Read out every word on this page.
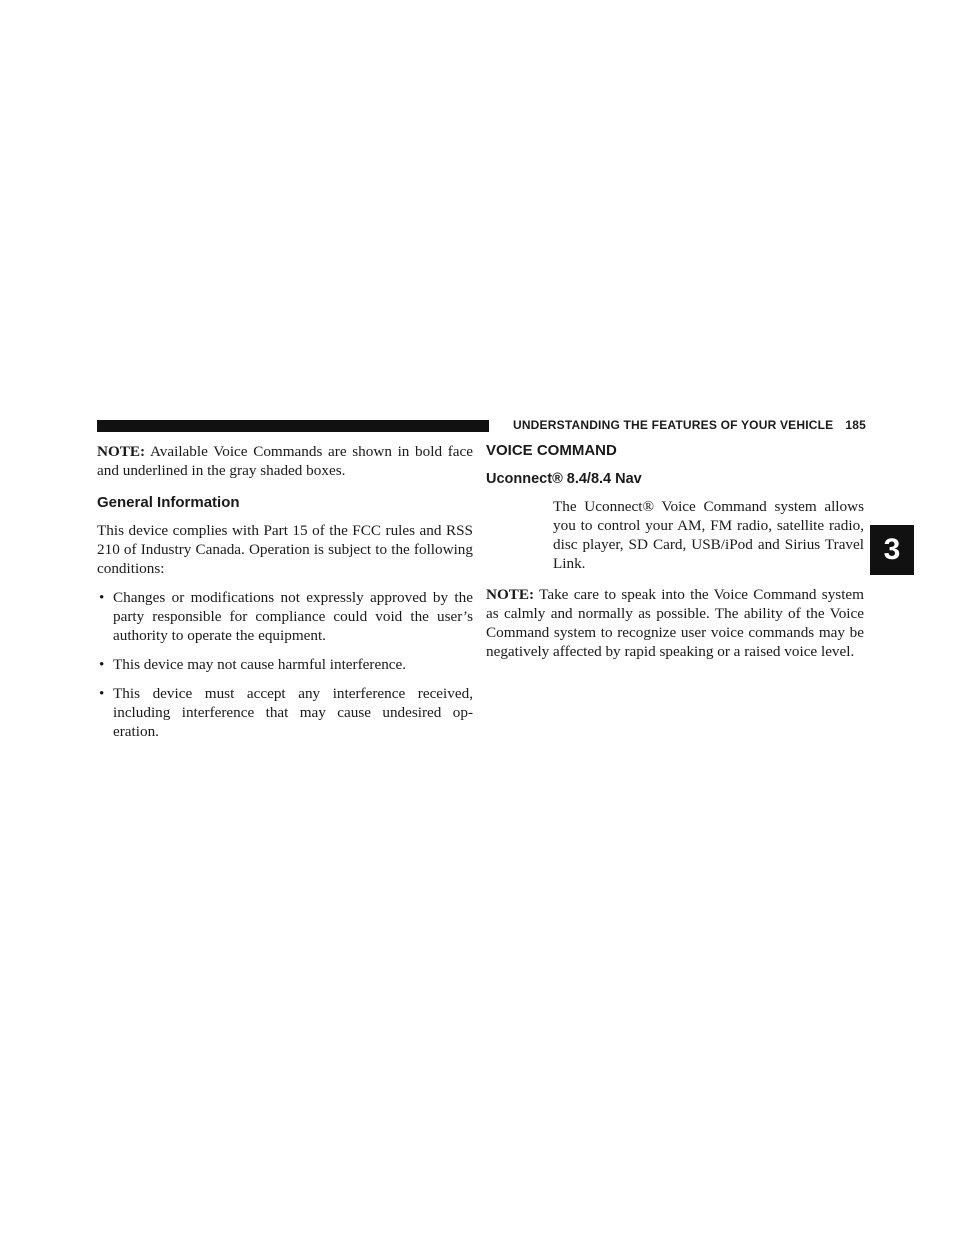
UNDERSTANDING THE FEATURES OF YOUR VEHICLE 185
3

NOTE: Available Voice Commands are shown in bold face and underlined in the gray shaded boxes.

General Information

This device complies with Part 15 of the FCC rules and RSS 210 of Industry Canada. Operation is subject to the following conditions:

• Changes or modifications not expressly approved by the party responsible for compliance could void the user’s authority to operate the equipment.
• This device may not cause harmful interference.
• This device must accept any interference received, including interference that may cause undesired op-eration.
VOICE COMMAND
Uconnect® 8.4/8.4 Nav

The Uconnect® Voice Command system allows you to control your AM, FM radio, satellite radio, disc player, SD Card, USB/iPod and Sirius Travel Link.

NOTE: Take care to speak into the Voice Command system as calmly and normally as possible. The ability of the Voice Command system to recognize user voice commands may be negatively affected by rapid speaking or a raised voice level.
